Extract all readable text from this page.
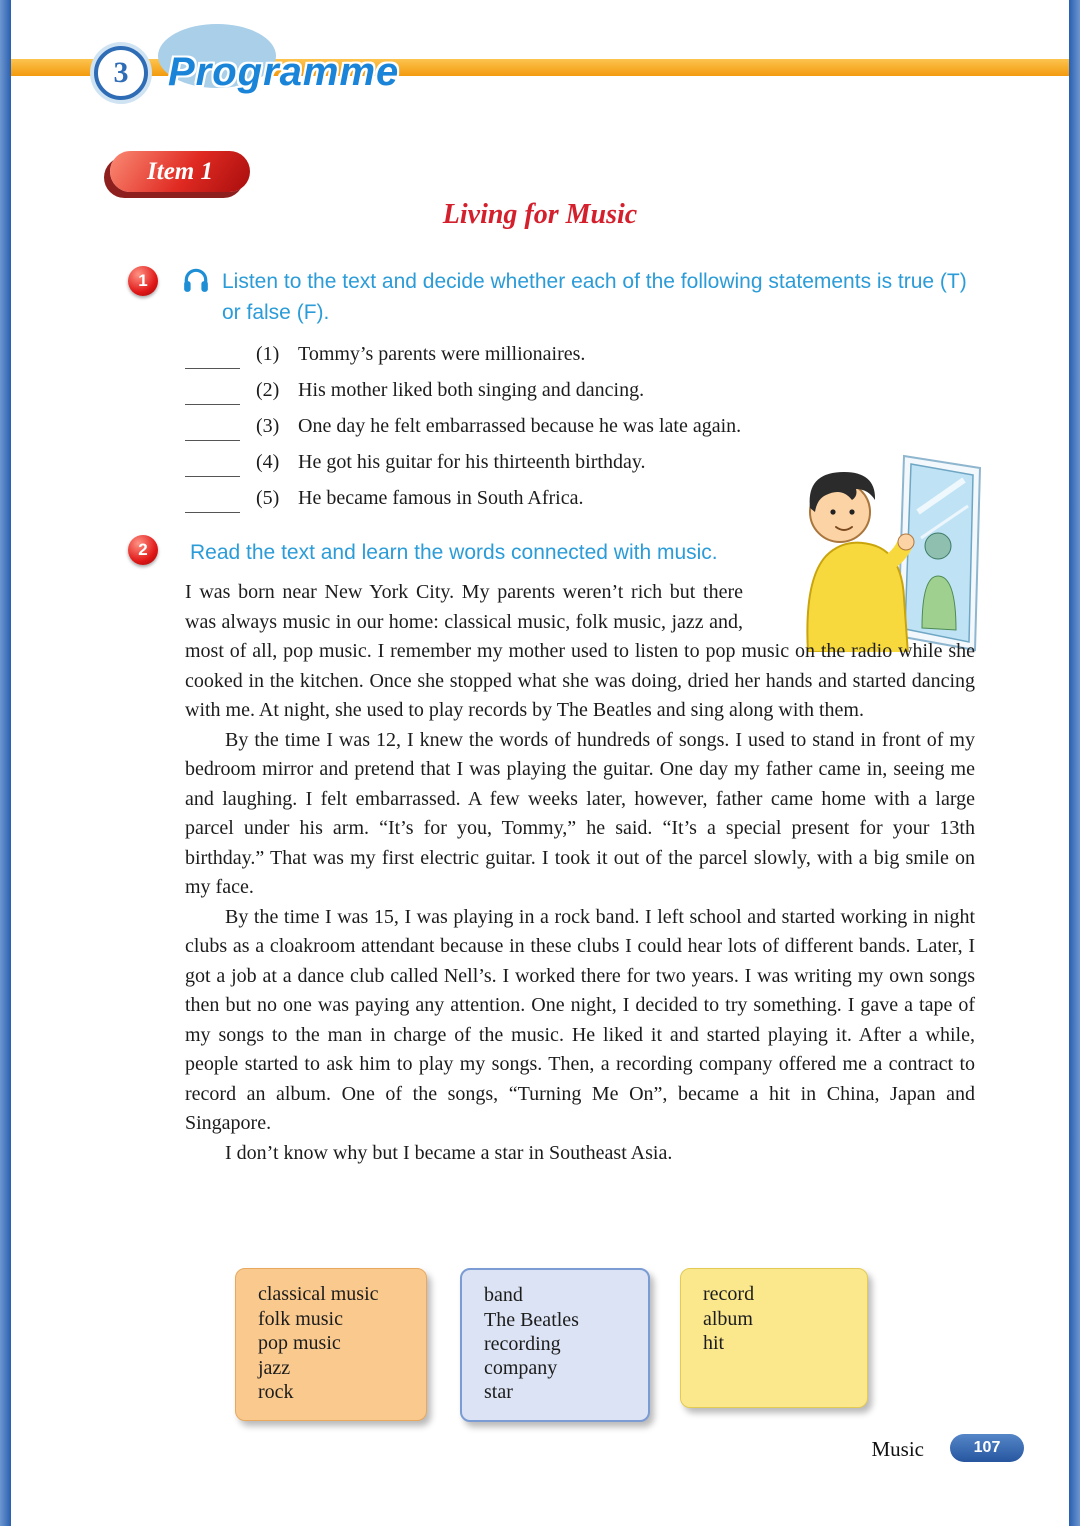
3 Programme
Item 1
Living for Music
1	Listen to the text and decide whether each of the following statements is true (T) or false (F).
(1) Tommy’s parents were millionaires.
(2) His mother liked both singing and dancing.
(3) One day he felt embarrassed because he was late again.
(4) He got his guitar for his thirteenth birthday.
(5) He became famous in South Africa.
2 Read the text and learn the words connected with music.

I was born near New York City. My parents weren’t rich but there was always music in our home: classical music, folk music, jazz and, most of all, pop music. I remember my mother used to listen to pop music on the radio while she cooked in the kitchen. Once she stopped what she was doing, dried her hands and started dancing with me. At night, she used to play records by The Beatles and sing along with them.

By the time I was 12, I knew the words of hundreds of songs. I used to stand in front of my bedroom mirror and pretend that I was playing the guitar. One day my father came in, seeing me and laughing. I felt embarrassed. A few weeks later, however, father came home with a large parcel under his arm. “It’s for you, Tommy,” he said. “It’s a special present for your 13th birthday.” That was my first electric guitar. I took it out of the parcel slowly, with a big smile on my face.

By the time I was 15, I was playing in a rock band. I left school and started working in night clubs as a cloakroom attendant because in these clubs I could hear lots of different bands. Later, I got a job at a dance club called Nell’s. I worked there for two years. I was writing my own songs then but no one was paying any attention. One night, I decided to try something. I gave a tape of my songs to the man in charge of the music. He liked it and started playing it. After a while, people started to ask him to play my songs. Then, a recording company offered me a contract to record an album. One of the songs, “Turning Me On”, became a hit in China, Japan and Singapore.

I don’t know why but I became a star in Southeast Asia.

classical music
folk music
pop music
jazz
rock
band
The Beatles
recording company
star
record
album
hit
Music	107
